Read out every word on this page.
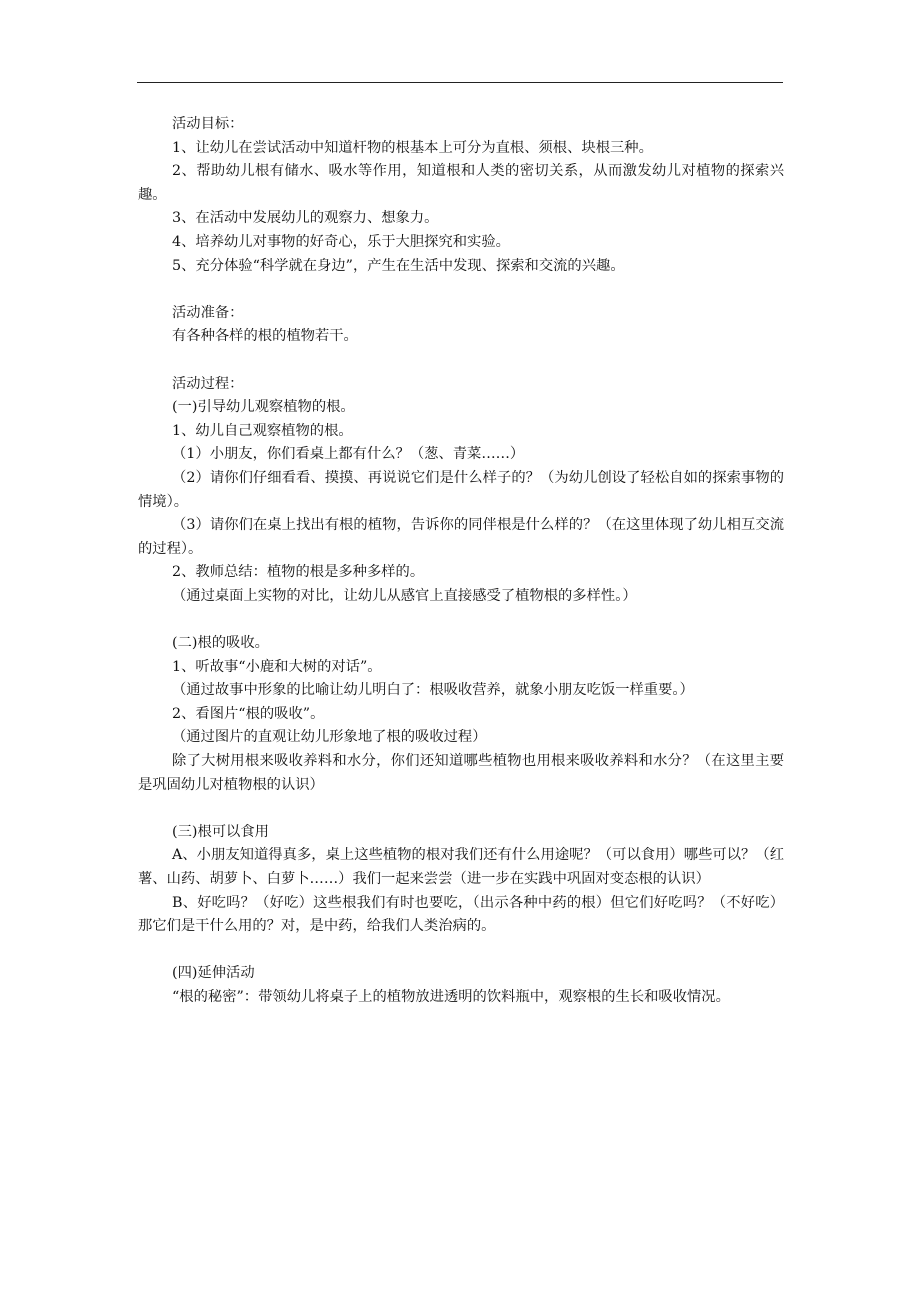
活动目标：

1、让幼儿在尝试活动中知道杆物的根基本上可分为直根、须根、块根三种。

2、帮助幼儿根有储水、吸水等作用，知道根和人类的密切关系，从而激发幼儿对植物的探索兴趣。

3、在活动中发展幼儿的观察力、想象力。

4、培养幼儿对事物的好奇心，乐于大胆探究和实验。

5、充分体验“科学就在身边”，产生在生活中发现、探索和交流的兴趣。

活动准备：

有各种各样的根的植物若干。

活动过程：

(一)引导幼儿观察植物的根。

1、幼儿自己观察植物的根。

（1）小朋友，你们看桌上都有什么？（葱、青菜……）

（2）请你们仔细看看、摸摸、再说说它们是什么样子的？（为幼儿创设了轻松自如的探索事物的情境）。

（3）请你们在桌上找出有根的植物，告诉你的同伴根是什么样的？（在这里体现了幼儿相互交流的过程）。

2、教师总结：植物的根是多种多样的。

（通过桌面上实物的对比，让幼儿从感官上直接感受了植物根的多样性。）

(二)根的吸收。

1、听故事“小鹿和大树的对话”。

（通过故事中形象的比喻让幼儿明白了：根吸收营养，就象小朋友吃饭一样重要。）

2、看图片“根的吸收”。

（通过图片的直观让幼儿形象地了根的吸收过程）

除了大树用根来吸收养料和水分，你们还知道哪些植物也用根来吸收养料和水分？（在这里主要是巩固幼儿对植物根的认识）

(三)根可以食用

A、小朋友知道得真多，桌上这些植物的根对我们还有什么用途呢？（可以食用）哪些可以？（红薯、山药、胡萝卜、白萝卜……）我们一起来尝尝（进一步在实践中巩固对变态根的认识）

B、好吃吗？（好吃）这些根我们有时也要吃，（出示各种中药的根）但它们好吃吗？（不好吃）那它们是干什么用的？对，是中药，给我们人类治病的。

(四)延伸活动

“根的秘密”：带领幼儿将桌子上的植物放进透明的饮料瓶中，观察根的生长和吸收情况。
